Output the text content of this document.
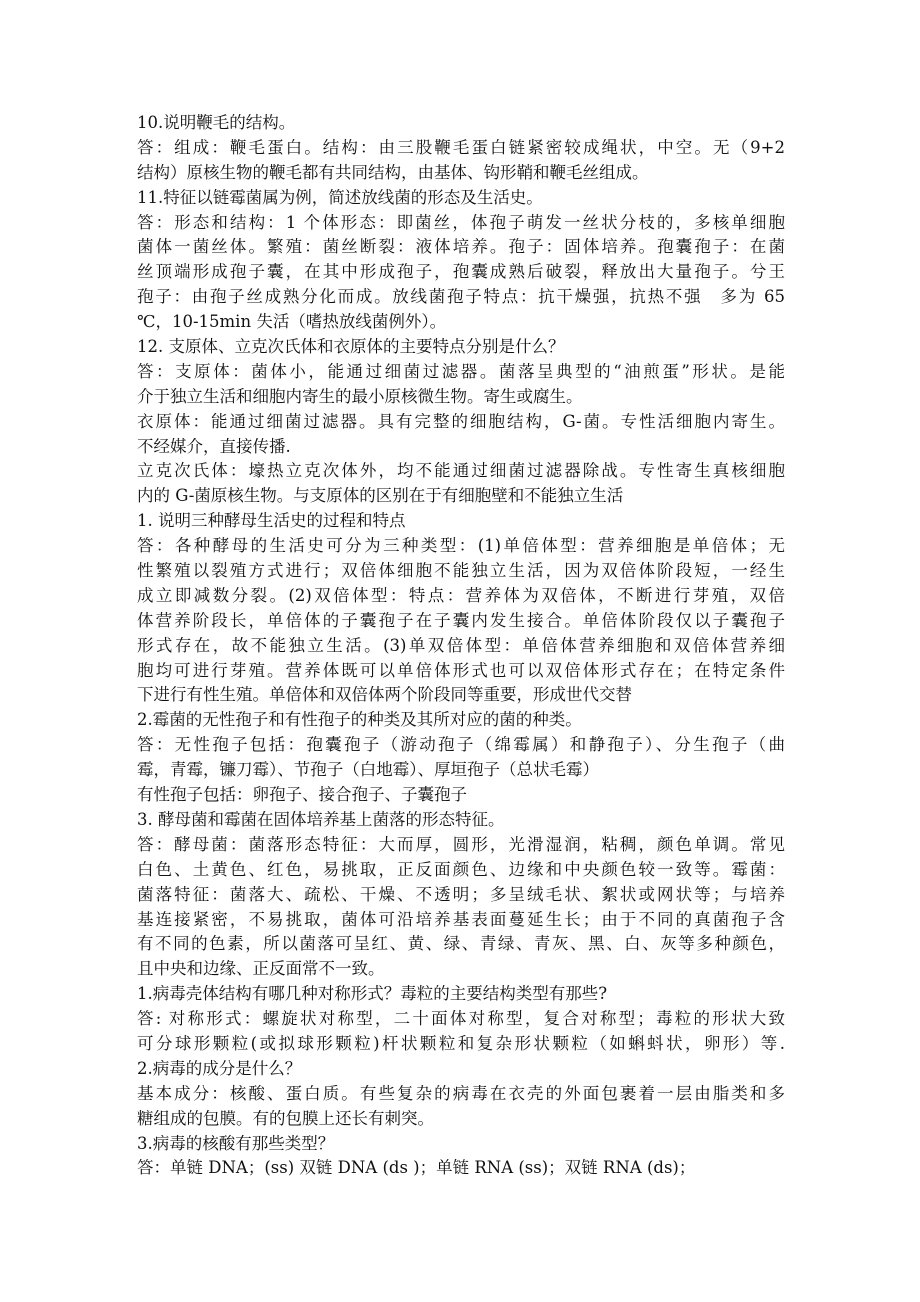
10.说明鞭毛的结构。
答：组成：鞭毛蛋白。结构：由三股鞭毛蛋白链紧密较成绳状，中空。无（9+2
结构）原核生物的鞭毛都有共同结构，由基体、钩形鞘和鞭毛丝组成。
11.特征以链霉菌属为例，简述放线菌的形态及生活史。
答：形态和结构：1 个体形态：即菌丝，体孢子萌发一丝状分枝的，多核单细胞
菌体一菌丝体。繁殖：菌丝断裂：液体培养。孢子：固体培养。孢囊孢子：在菌
丝顶端形成孢子囊，在其中形成孢子，孢囊成熟后破裂，释放出大量孢子。兮王
孢子：由孢子丝成熟分化而成。放线菌孢子特点：抗干燥强，抗热不强　多为 65
℃，10-15min 失活（嗜热放线菌例外）。
12. 支原体、立克次氏体和衣原体的主要特点分别是什么？
答：支原体：菌体小，能通过细菌过滤器。菌落呈典型的“油煎蛋”形状。是能
介于独立生活和细胞内寄生的最小原核微生物。寄生或腐生。
衣原体：能通过细菌过滤器。具有完整的细胞结构，G-菌。专性活细胞内寄生。
不经媒介，直接传播.
立克次氏体：壕热立克次体外，均不能通过细菌过滤器除战。专性寄生真核细胞
内的 G-菌原核生物。与支原体的区别在于有细胞壁和不能独立生活
1. 说明三种酵母生活史的过程和特点
答：各种酵母的生活史可分为三种类型：(1)单倍体型：营养细胞是单倍体；无
性繁殖以裂殖方式进行；双倍体细胞不能独立生活，因为双倍体阶段短，一经生
成立即减数分裂。(2)双倍体型：特点：营养体为双倍体，不断进行芽殖，双倍
体营养阶段长，单倍体的子囊孢子在子囊内发生接合。单倍体阶段仅以子囊孢子
形式存在，故不能独立生活。(3)单双倍体型：单倍体营养细胞和双倍体营养细
胞均可进行芽殖。营养体既可以单倍体形式也可以双倍体形式存在；在特定条件
下进行有性生殖。单倍体和双倍体两个阶段同等重要，形成世代交替
2.霉菌的无性孢子和有性孢子的种类及其所对应的菌的种类。
答：无性孢子包括：孢囊孢子（游动孢子（绵霉属）和静孢子）、分生孢子（曲
霉，青霉，镰刀霉）、节孢子（白地霉）、厚垣孢子（总状毛霉）
有性孢子包括：卵孢子、接合孢子、子囊孢子
3. 酵母菌和霉菌在固体培养基上菌落的形态特征。
答：酵母菌：菌落形态特征：大而厚，圆形，光滑湿润，粘稠，颜色单调。常见
白色、土黄色、红色，易挑取，正反面颜色、边缘和中央颜色较一致等。霉菌：
菌落特征：菌落大、疏松、干燥、不透明；多呈绒毛状、絮状或网状等；与培养
基连接紧密，不易挑取，菌体可沿培养基表面蔓延生长；由于不同的真菌孢子含
有不同的色素，所以菌落可呈红、黄、绿、青绿、青灰、黑、白、灰等多种颜色，
且中央和边缘、正反面常不一致。
1.病毒壳体结构有哪几种对称形式？毒粒的主要结构类型有那些?
答: 对称形式：螺旋状对称型，二十面体对称型，复合对称型；毒粒的形状大致
可分球形颗粒(或拟球形颗粒)杆状颗粒和复杂形状颗粒（如蝌蚪状，卵形）等.
2.病毒的成分是什么？
基本成分：核酸、蛋白质。有些复杂的病毒在衣壳的外面包裹着一层由脂类和多
糖组成的包膜。有的包膜上还长有刺突。
3.病毒的核酸有那些类型？
答：单链 DNA；(ss) 双链 DNA (ds )；单链 RNA (ss)；双链 RNA (ds)；
